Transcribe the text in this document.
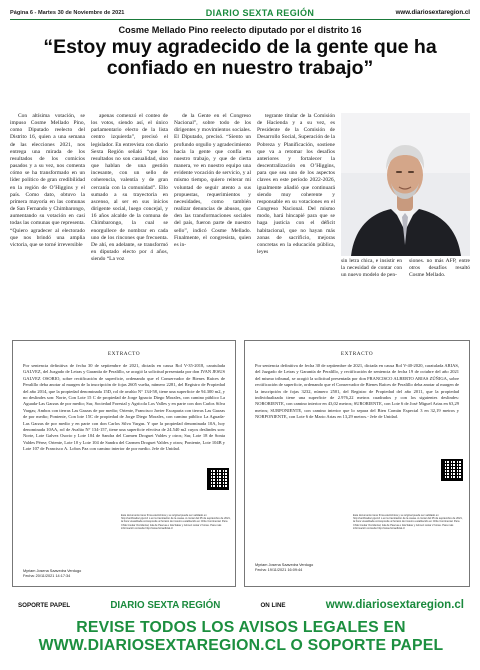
Página 6 - Martes 30 de Noviembre de 2021	DIARIO SEXTA REGIÓN	www.diariosextaregion.cl
Cosme Mellado Pino reelecto diputado por el distrito 16
“Estoy muy agradecido de la gente que ha confiado en nuestro trabajo”

Con altísima votación, se impuso Cosme Mellado Pino, como Diputado reelecto del Distrito 16, quien a una semana de las elecciones 2021, nos entrega una mirada de los resultados de los comicios pasados y a su vez, nos comenta cómo se ha transformado en un líder político de gran credibilidad en la región de O’Higgins y el país. Como dato, obtuvo la primera mayoría en las comunas de San Fernando y Chimbarongo, aumentando su votación en casi todas las comunas que representa. “Quiero agradecer al electorado que nos brindó una amplia victoria, que se torné irreversible

apenas comenzó el conteo de los votos, siendo así, el único parlamentario electo de la lista centro izquierda”, precisó el legislador. En entrevista con diario Sexta Región señaló “que los resultados no son casualidad, sino que hablan de una gestión incesante, con un sello de coherencia, valentía y de gran cercanía con la comunidad”. Ello sumado a su trayectoria en ascenso, al ser en sus inicios dirigente social, luego concejal, y 16 años alcalde de la comuna de Chimbarongo, la cual se enorgullece de nombrar en cada uno de los rincones que frecuenta. De ahí, en adelante, se transformó en diputado electo por 4 años, siendo “La voz

de la Gente en el Congreso Nacional”, sobre todo de los dirigentes y movimientos sociales. El Diputado, precisó. “Siento un profundo orgullo y agradecimiento hacia la gente que confía en nuestro trabajo, y que de cierta manera, ve en nuestro equipo una evidente vocación de servicio, y al mismo tiempo, quiero reiterar mi voluntad de seguir atento a sus propuestas, requerimientos y necesidades, como también realizar denuncias de abusos, que den las transformaciones sociales del país, fueron parte de nuestro sello”, indicó Cosme Mellado. Finalmente, el congresista, quien es in-

tegrante titular de la Comisión de Hacienda y a su vez, es Presidente de la Comisión de Desarrollo Social, Superación de la Pobreza y Planificación, sostiene que va a retomar los desafíos anteriores y fortalecer la descentralización en O’Higgins, para que sea uno de los aspectos claves en este período 2022-2026, igualmente añadió que continuará siendo muy coherente y responsable en su votaciones en el Congreso Nacional. Del mismo modo, hará hincapié para que se haga justicia con el déficit habitacional, que no hayan más zonas de sacrificio, mejoras concretas en la educación pública, leyes

sin letra chica, e insistir en la necesidad de contar con un nuevo modelo de pen-
siones. no más AFP, entre otros desafíos resaltó Cosme Mellado.
EXTRACTO
Por sentencia definitiva de fecha 30 de septiembre de 2021, dictada en causa Rol V-35-2018, caratulada GALVEZ, del Juzgado de Letras y Garantía de Peralillo, se acogió la solicitud presentada por don IVAN JESUS GALVEZ OSORIO, sobre rectificación de superficie, ordenando que el Conservador de Bienes Raíces de Peralillo deba anotar al margen de la inscripción de fojas 2605 vuelta, número 2281, del Registro de Propiedad del año 2014, que la propiedad denominada 15D, rol de avalúo N° 134-58, tiene una superficie de 94.300 m2, y no deslindes son: Norte, Con Lote 15 C de propiedad de Jorge Ignacio Diego Morales, con camino público La Aguada-Las Garzas de por medio; Sur, Sociedad Forestal y Agrícola Los Valles y en parte con don Carlos Silva Vargas; Ambos con tierras Las Garzas de por medio; Oriente, Francisco Javier Escaparia con tierras Las Garzas de por medio; Poniente, Con lote 15C de propiedad de Jorge Diego Morales, con camino público La Aguada-Las Garzas de por medio y en parte con don Carlos Silva Vargas. Y que la propiedad denominada 10A, hoy denominada 10AA, rol de Avalúo N° 134-157, tiene una superficie efectiva de 24.540 m2 cuyos deslindes son: Norte, Lote Galvez Osorio y Lote 104 de Sandra del Carmen Droguet Valdes y otros; Sur, Lote 18 de Sonia Valdes Pérez; Oriente, Lote 10 y Lote 104 de Sandra del Carmen Droguet Valdes y otros; Poniente, Lote 104B y Lote 107 de Francisco A. Lobos Paz con camino interior de por medio. Jefe de Unidad.
Este documento tiene firma electrónica y su original puede ser validado en http://verificadoc.pjud.cl o en la tramitación de la causa. A contar del 05 de septiembre de 2021, la hora visualizada corresponde al horario de invierno establecido en Chile Continental. Para Chile Insular Occidental, Isla de Pascua e Isla Salas y Gómez restar 2 horas. Para más información consulte http://www.horaoficial.cl
Myriam Josena Saavedra Verdugo
Fecha: 20/11/2021 14:17:34
EXTRACTO
Por sentencia definitiva de fecha 30 de septiembre de 2021, dictada en causa Rol V-40-2020, caratulada ARIAS, del Juzgado de Letras y Garantía de Peralillo, y rectificación de sentencia de fecha 19 de octubre del año 2021 del mismo tribunal, se acogió la solicitud presentada por don FRANCISCO ALBERTO ARIAS ZÚÑIGA, sobre rectificación de superficie, ordenando que el Conservador de Bienes Raíces de Peralillo deba anotar al margen de la inscripción de fojas 3232, número 2501, del Registro de Propiedad del año 2011, que la propiedad individualizada tiene una superficie de 2.976,22 metros cuadrados y con los siguientes deslindes: NORORIENTE, con camino interior en 43,02 metros; SURORIENTE, con Lote 6 de José Miguel Arias en 63,29 metros; SURPONIENTE, con camino interior que lo separa del Bien Común Especial 3 en 32,19 metros y NORPONIENTE, con Lote 6 de Mario Arias en 13,29 metros.- Jefe de Unidad.
Este documento tiene firma electrónica y su original puede ser validado en http://verificadoc.pjud.cl o en la tramitación de la causa. A contar del 05 de septiembre de 2021, la hora visualizada corresponde al horario de invierno establecido en Chile Continental. Para Chile Insular Occidental, Isla de Pascua e Isla Salas y Gómez restar 2 horas. Para más información consulte http://www.horaoficial.cl
Myriam Josena Saavedra Verdugo
Fecha: 19/11/2021 16:09:44
SOPORTE PAPEL	DIARIO SEXTA REGIÓN	ON LINE	www.diariosextaregion.cl
REVISE TODOS LOS AVISOS LEGALES EN
WWW.DIARIOSEXTAREGION.CL O SOPORTE PAPEL
